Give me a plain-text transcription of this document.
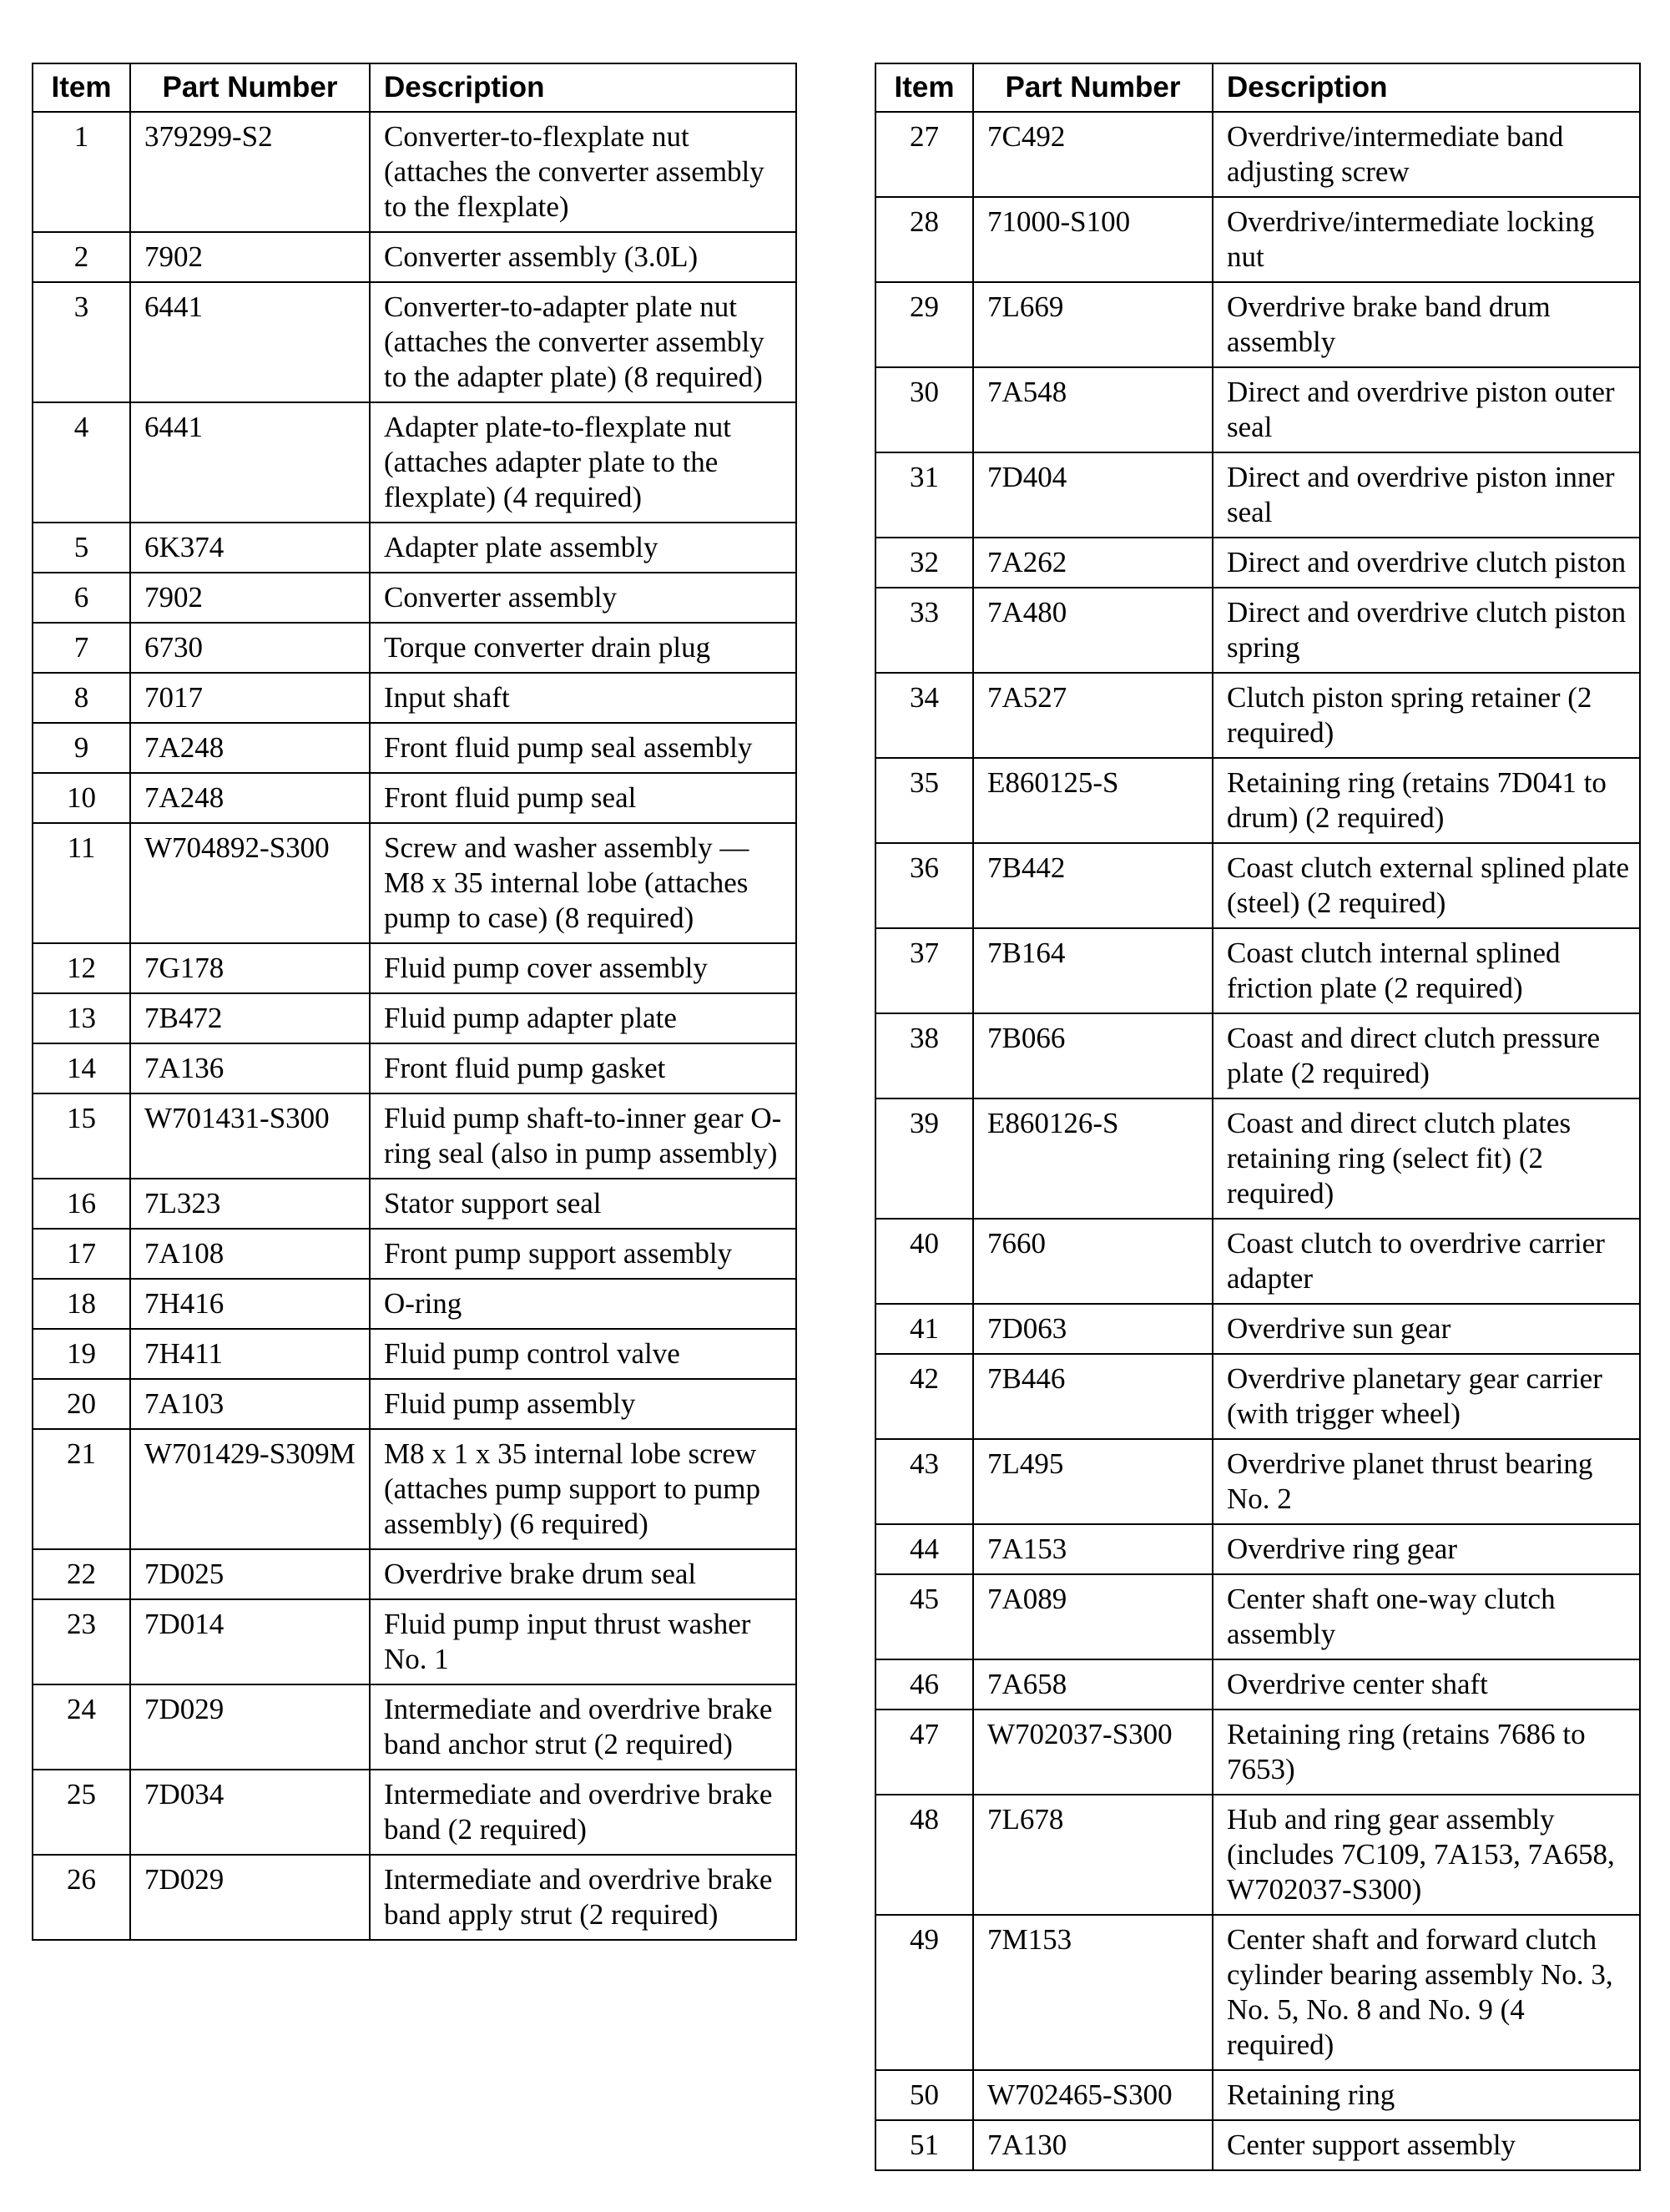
Item	Part Number	Description
1	379299-S2	Converter-to-flexplate nut (attaches the converter assembly to the flexplate)
2	7902	Converter assembly (3.0L)
3	6441	Converter-to-adapter plate nut (attaches the converter assembly to the adapter plate) (8 required)
4	6441	Adapter plate-to-flexplate nut (attaches adapter plate to the flexplate) (4 required)
5	6K374	Adapter plate assembly
6	7902	Converter assembly
7	6730	Torque converter drain plug
8	7017	Input shaft
9	7A248	Front fluid pump seal assembly
10	7A248	Front fluid pump seal
11	W704892-S300	Screw and washer assembly — M8 x 35 internal lobe (attaches pump to case) (8 required)
12	7G178	Fluid pump cover assembly
13	7B472	Fluid pump adapter plate
14	7A136	Front fluid pump gasket
15	W701431-S300	Fluid pump shaft-to-inner gear O-ring seal (also in pump assembly)
16	7L323	Stator support seal
17	7A108	Front pump support assembly
18	7H416	O-ring
19	7H411	Fluid pump control valve
20	7A103	Fluid pump assembly
21	W701429-S309M	M8 x 1 x 35 internal lobe screw (attaches pump support to pump assembly) (6 required)
22	7D025	Overdrive brake drum seal
23	7D014	Fluid pump input thrust washer No. 1
24	7D029	Intermediate and overdrive brake band anchor strut (2 required)
25	7D034	Intermediate and overdrive brake band (2 required)
26	7D029	Intermediate and overdrive brake band apply strut (2 required)
Item	Part Number	Description
27	7C492	Overdrive/intermediate band adjusting screw
28	71000-S100	Overdrive/intermediate locking nut
29	7L669	Overdrive brake band drum assembly
30	7A548	Direct and overdrive piston outer seal
31	7D404	Direct and overdrive piston inner seal
32	7A262	Direct and overdrive clutch piston
33	7A480	Direct and overdrive clutch piston spring
34	7A527	Clutch piston spring retainer (2 required)
35	E860125-S	Retaining ring (retains 7D041 to drum) (2 required)
36	7B442	Coast clutch external splined plate (steel) (2 required)
37	7B164	Coast clutch internal splined friction plate (2 required)
38	7B066	Coast and direct clutch pressure plate (2 required)
39	E860126-S	Coast and direct clutch plates retaining ring (select fit) (2 required)
40	7660	Coast clutch to overdrive carrier adapter
41	7D063	Overdrive sun gear
42	7B446	Overdrive planetary gear carrier (with trigger wheel)
43	7L495	Overdrive planet thrust bearing No. 2
44	7A153	Overdrive ring gear
45	7A089	Center shaft one-way clutch assembly
46	7A658	Overdrive center shaft
47	W702037-S300	Retaining ring (retains 7686 to 7653)
48	7L678	Hub and ring gear assembly (includes 7C109, 7A153, 7A658, W702037-S300)
49	7M153	Center shaft and forward clutch cylinder bearing assembly No. 3, No. 5, No. 8 and No. 9 (4 required)
50	W702465-S300	Retaining ring
51	7A130	Center support assembly
